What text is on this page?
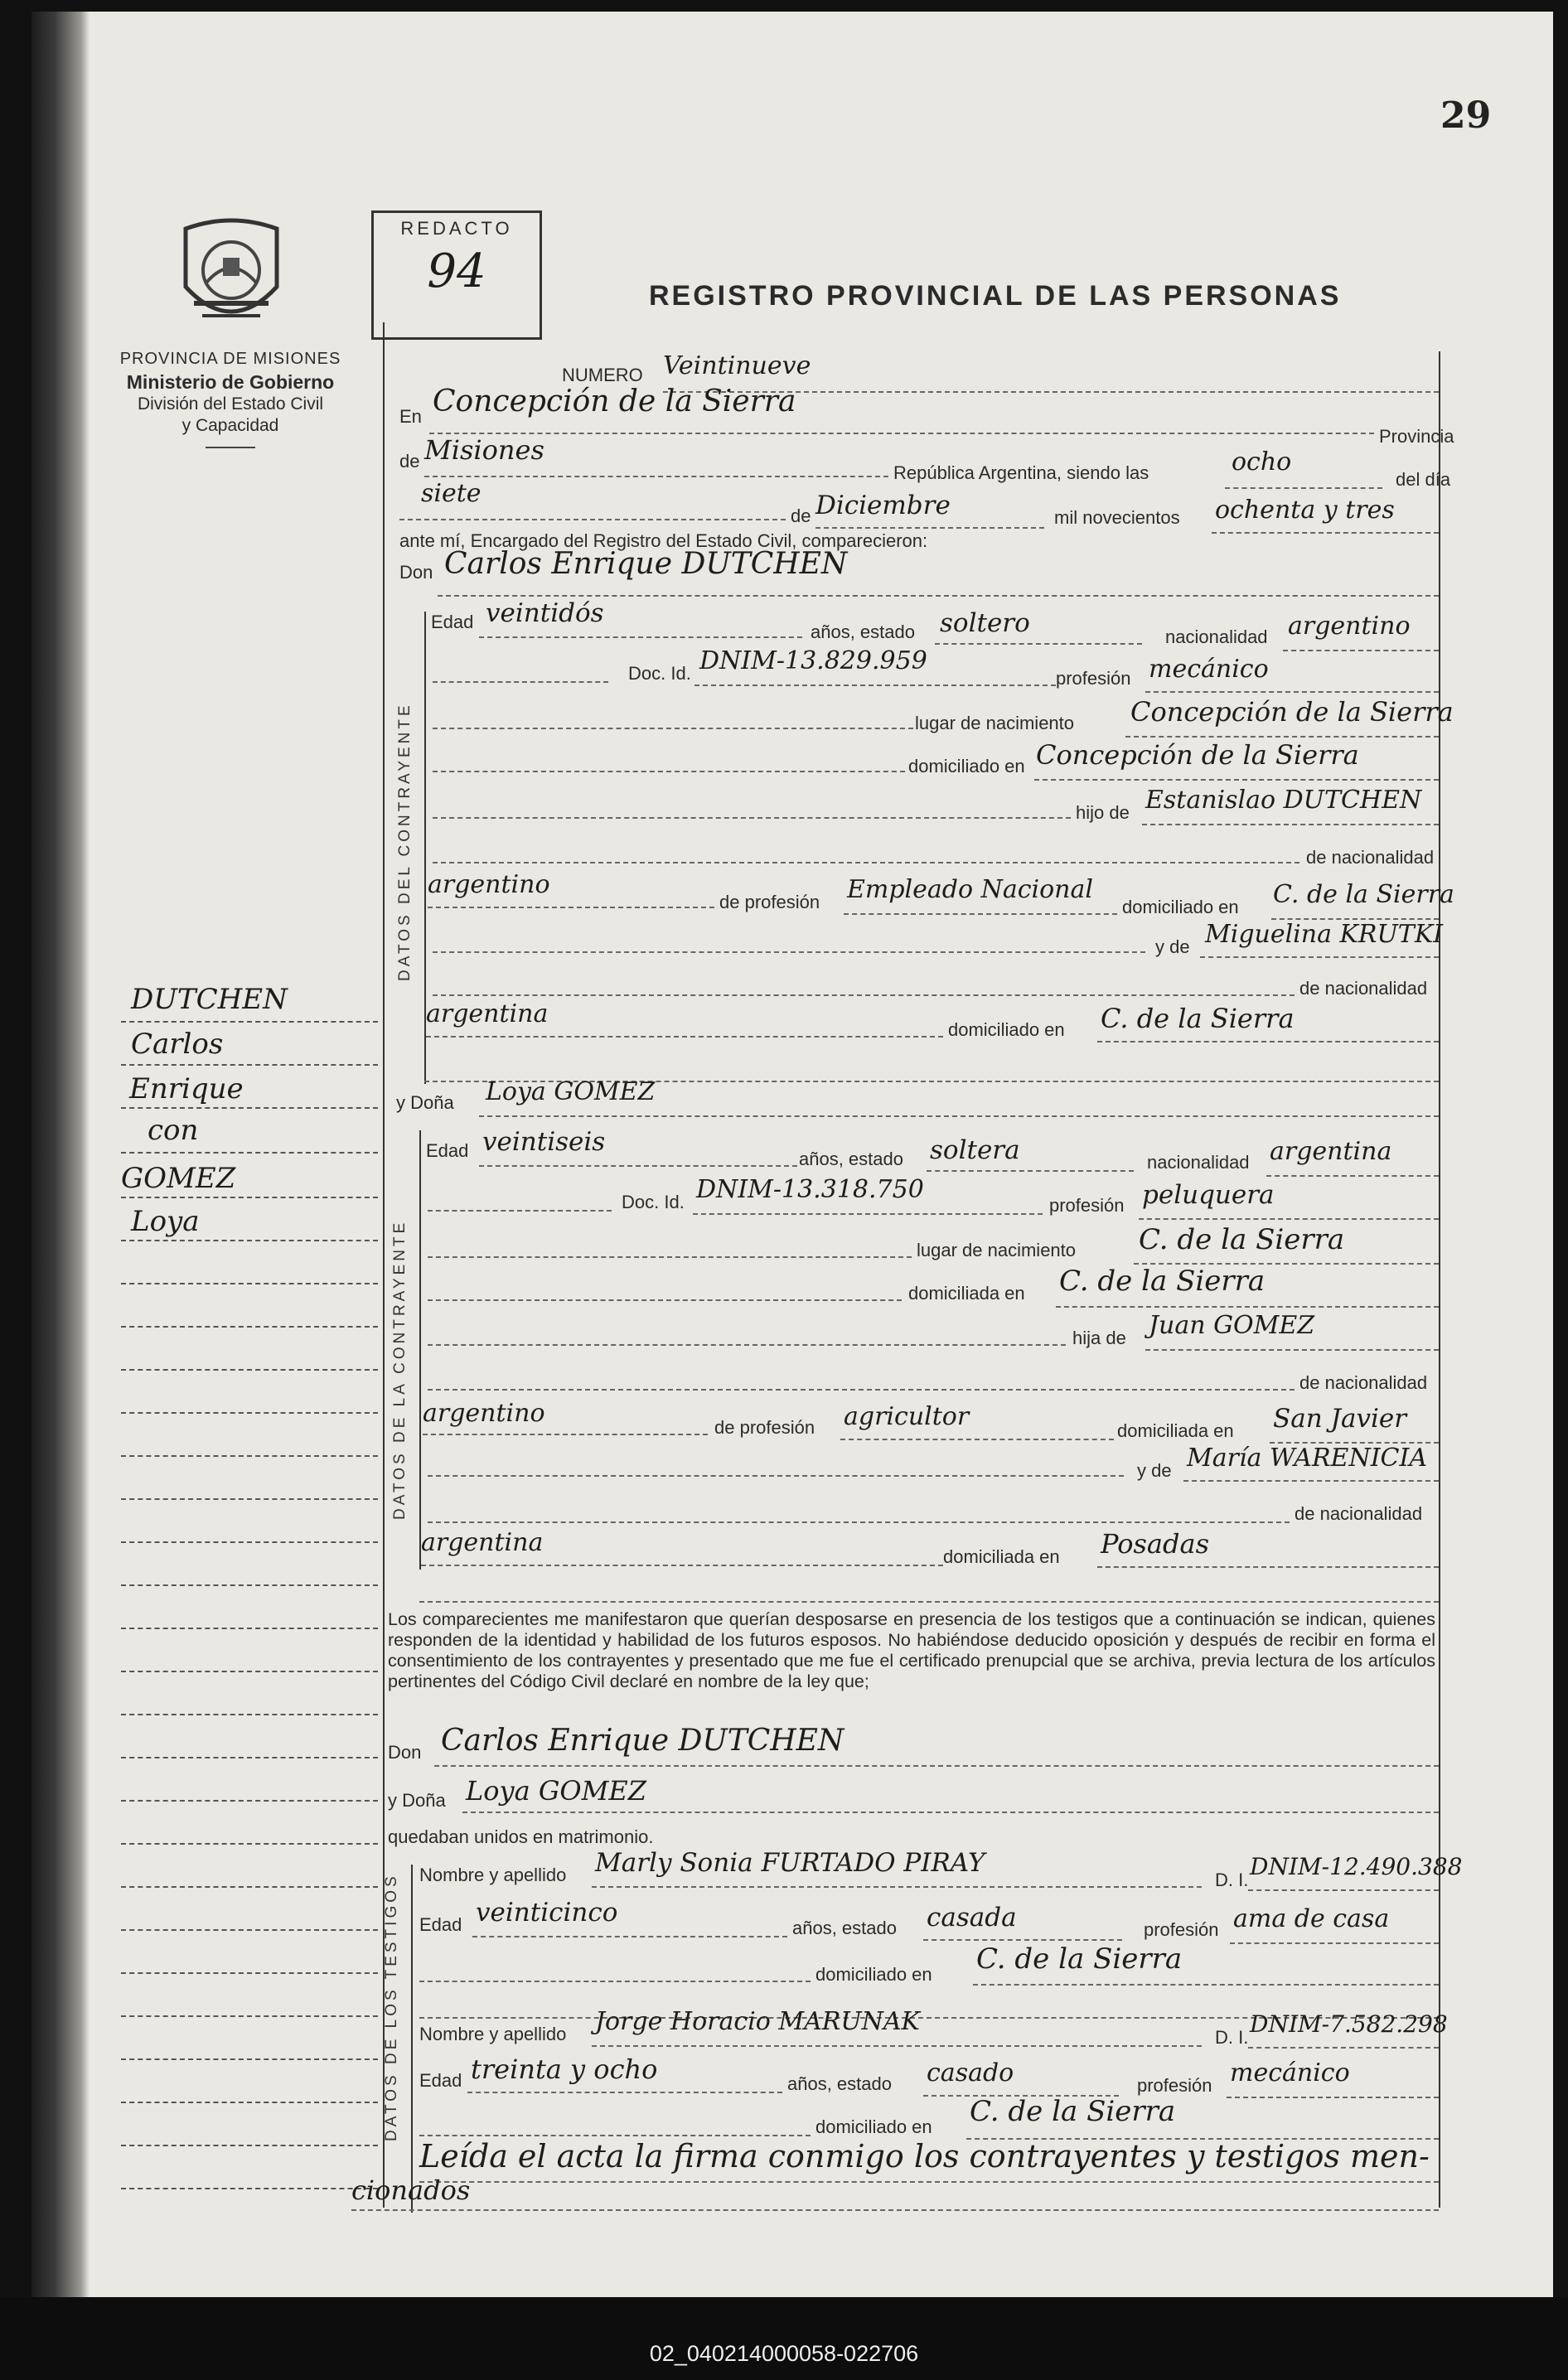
29
PROVINCIA DE MISIONES
Ministerio de Gobierno
División del Estado Civil
y Capacidad
REDACTO
94	REGISTRO PROVINCIAL DE LAS PERSONAS
DUTCHEN
Carlos
Enrique
con
GOMEZ
Loya
NUMERO Veintinueve
En Concepción de la Sierra
Provincia
de Misiones
República Argentina, siendo las	ocho
del día
siete
de Diciembre	mil novecientos ochenta y tres
ante mí, Encargado del Registro del Estado Civil, comparecieron:
Don Carlos Enrique DUTCHEN
DATOS DEL CONTRAYENTE
Edad veintidós
años, estado soltero	nacionalidad argentino
Doc. Id. DNIM-13.829.959
profesión mecánico
lugar de nacimiento Concepción de la Sierra
domiciliado en Concepción de la Sierra
hijo de Estanislao DUTCHEN
de nacionalidad
argentino
de profesión Empleado Nacional
domiciliado en C. de la Sierra
y de Miguelina KRUTKI
de nacionalidad
argentina
domiciliado en C. de la Sierra
y Doña Loya GOMEZ
DATOS DE LA CONTRAYENTE
Edad veintiseis
años, estado soltera	nacionalidad argentina
Doc. Id. DNIM-13.318.750
profesión peluquera
lugar de nacimiento C. de la Sierra
domiciliada en C. de la Sierra
hija de Juan GOMEZ
de nacionalidad
argentino	de profesión agricultor	domiciliada en San Javier
y de María WARENICIA
de nacionalidad
argentina	domiciliada en Posadas
Los comparecientes me manifestaron que querían desposarse en presencia de los testigos que a continuación se indican, quienes responden de la identidad y habilidad de los futuros esposos. No habiéndose deducido oposición y después de recibir en forma el consentimiento de los contrayentes y presentado que me fue el certificado prenupcial que se archiva, previa lectura de los artículos pertinentes del Código Civil declaré en nombre de la ley que;
Don Carlos Enrique DUTCHEN
y Doña Loya GOMEZ
quedaban unidos en matrimonio.
DATOS DE LOS TESTIGOS Nombre y apellido Marly Sonia FURTADO PIRAY
D. I. DNIM-12.490.388
Edad veinticinco
años, estado casada	profesión ama de casa
domiciliado en C. de la Sierra
Nombre y apellido Jorge Horacio MARUNAK
D. I. DNIM-7.582.298
Edad treinta y ocho	años, estado casado	profesión mecánico
domiciliado en C. de la Sierra
Leída el acta la firma conmigo los contrayentes y testigos men-
cionados
02_040214000058-022706
